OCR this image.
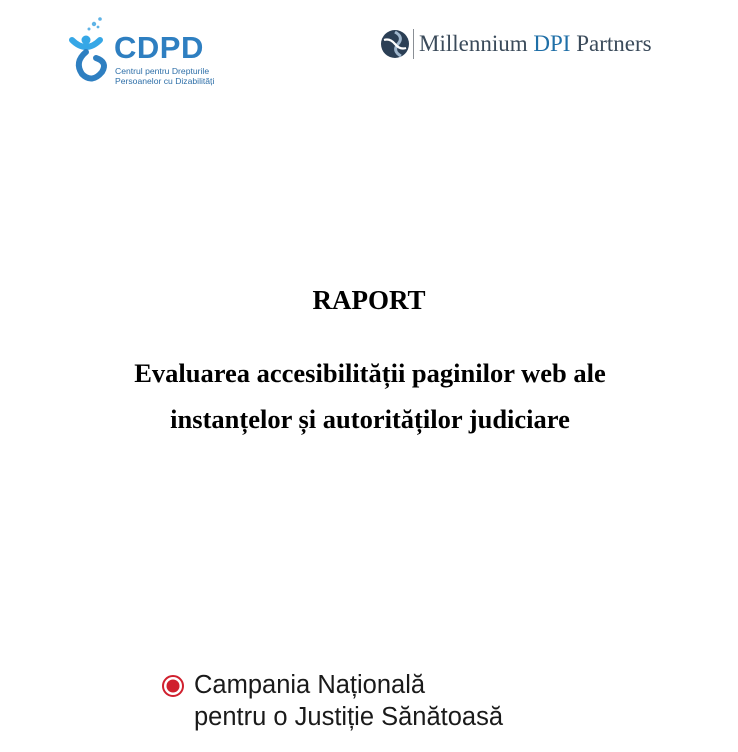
CDPD
Centrul pentru Drepturile
Persoanelor cu Dizabilități
Millennium DPI Partners
RAPORT
Evaluarea accesibilității paginilor web ale
instanțelor și autorităților judiciare
Campania Națională
pentru o Justiție Sănătoasă
